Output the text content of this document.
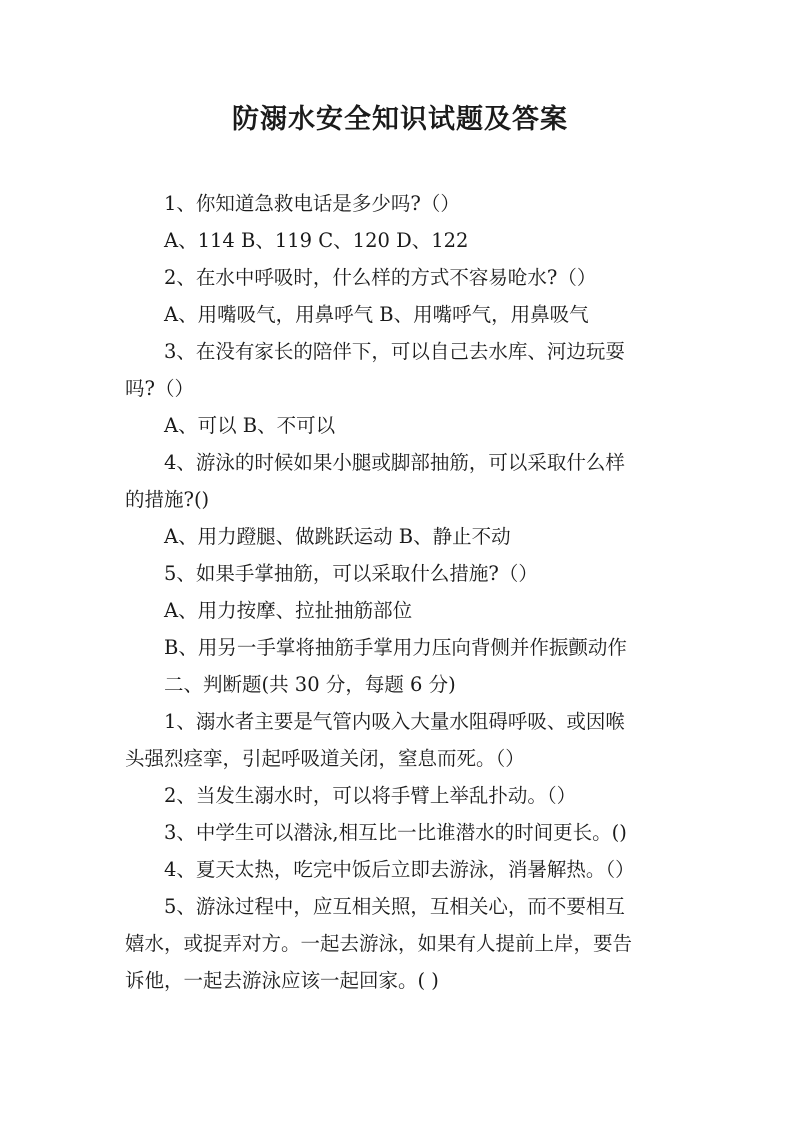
防溺水安全知识试题及答案
1、你知道急救电话是多少吗?（）
A、114 B、119 C、120 D、122
2、在水中呼吸时，什么样的方式不容易呛水?（）
A、用嘴吸气，用鼻呼气 B、用嘴呼气，用鼻吸气
3、在没有家长的陪伴下，可以自己去水库、河边玩耍
吗?（）
A、可以 B、不可以
4、游泳的时候如果小腿或脚部抽筋，可以采取什么样
的措施?()
A、用力蹬腿、做跳跃运动 B、静止不动
5、如果手掌抽筋，可以采取什么措施?（）
A、用力按摩、拉扯抽筋部位
B、用另一手掌将抽筋手掌用力压向背侧并作振颤动作
二、判断题(共 30 分，每题 6 分)
1、溺水者主要是气管内吸入大量水阻碍呼吸、或因喉
头强烈痉挛，引起呼吸道关闭，窒息而死。（）
2、当发生溺水时，可以将手臂上举乱扑动。（）
3、中学生可以潜泳,相互比一比谁潜水的时间更长。()
4、夏天太热，吃完中饭后立即去游泳，消暑解热。（）
5、游泳过程中，应互相关照，互相关心，而不要相互
嬉水，或捉弄对方。一起去游泳，如果有人提前上岸，要告
诉他，一起去游泳应该一起回家。( )
